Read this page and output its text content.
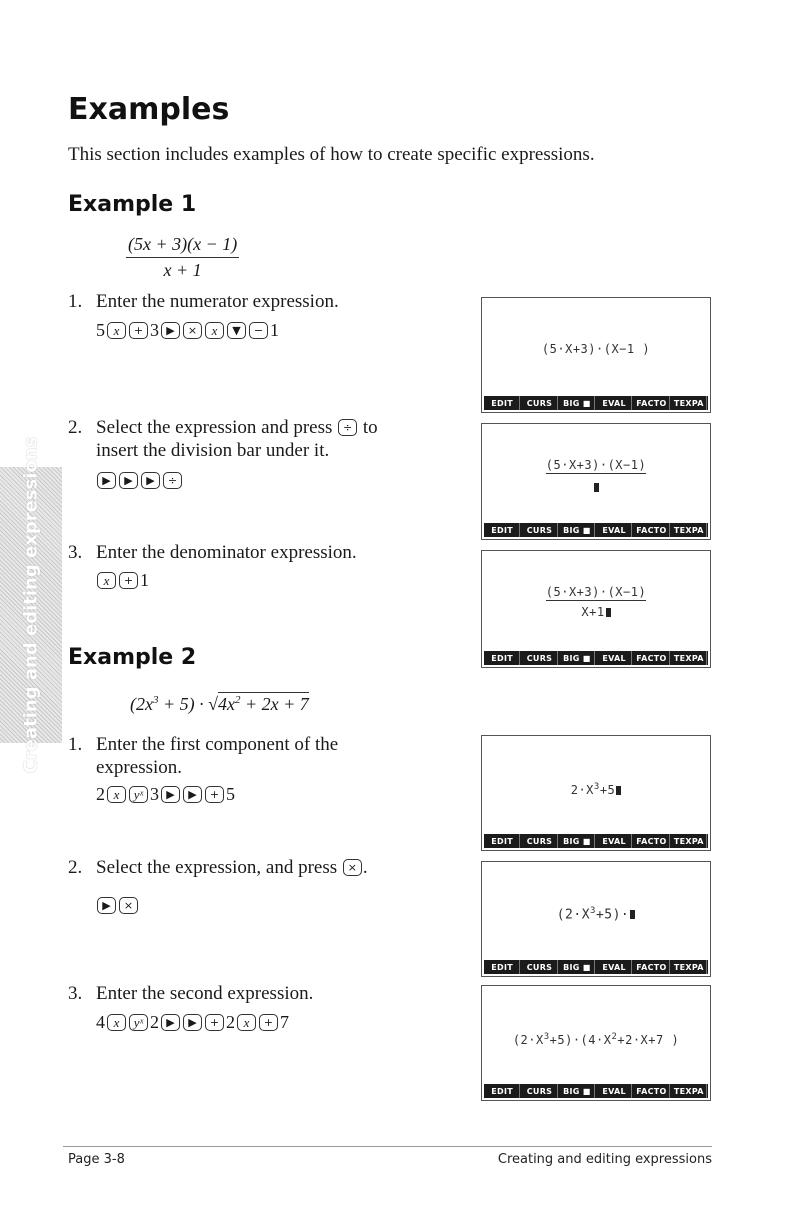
Creating and editing expressions
Examples
This section includes examples of how to create specific expressions.
Example 1
$\frac{(5x + 3)(x - 1)}{x + 1}$
1. Enter the numerator expression.
5 x	+ 3 ▶	×	x	▼	− 1
2. Select the expression and press ÷ to
insert the division bar under it.
▶	▶	▶	÷
3. Enter the denominator expression.
x	+ 1
Example 2
$(2x^3 + 5) \cdot √4x^2 + 2x + 7$
1. Enter the first component of the
expression.
2 x	yˣ 3 ▶	▶	+ 5
2. Select the expression, and press × .
▶	×
3. Enter the second expression.
4 x	yˣ 2 ▶	▶	+ 2 x	+ 7
(5·X+3)·(X−1 )
EDIT	CURS	BIG ■	EVAL	FACTO TEXPA
(5·X+3)·(X−1)
EDIT	CURS	BIG ■	EVAL	FACTO TEXPA
(5·X+3)·(X−1)
X+1
EDIT	CURS	BIG ■	EVAL	FACTO TEXPA
$2\cdot X^3+5$
EDIT	CURS	BIG ■	EVAL	FACTO TEXPA
$(2\cdot X^3+5)\cdot$
EDIT	CURS	BIG ■	EVAL	FACTO TEXPA
$(2\cdot X^3+5)\cdot(4\cdot X^2+2\cdot X+7$ )
EDIT	CURS	BIG ■	EVAL	FACTO TEXPA
Page 3-8	Creating and editing expressions
